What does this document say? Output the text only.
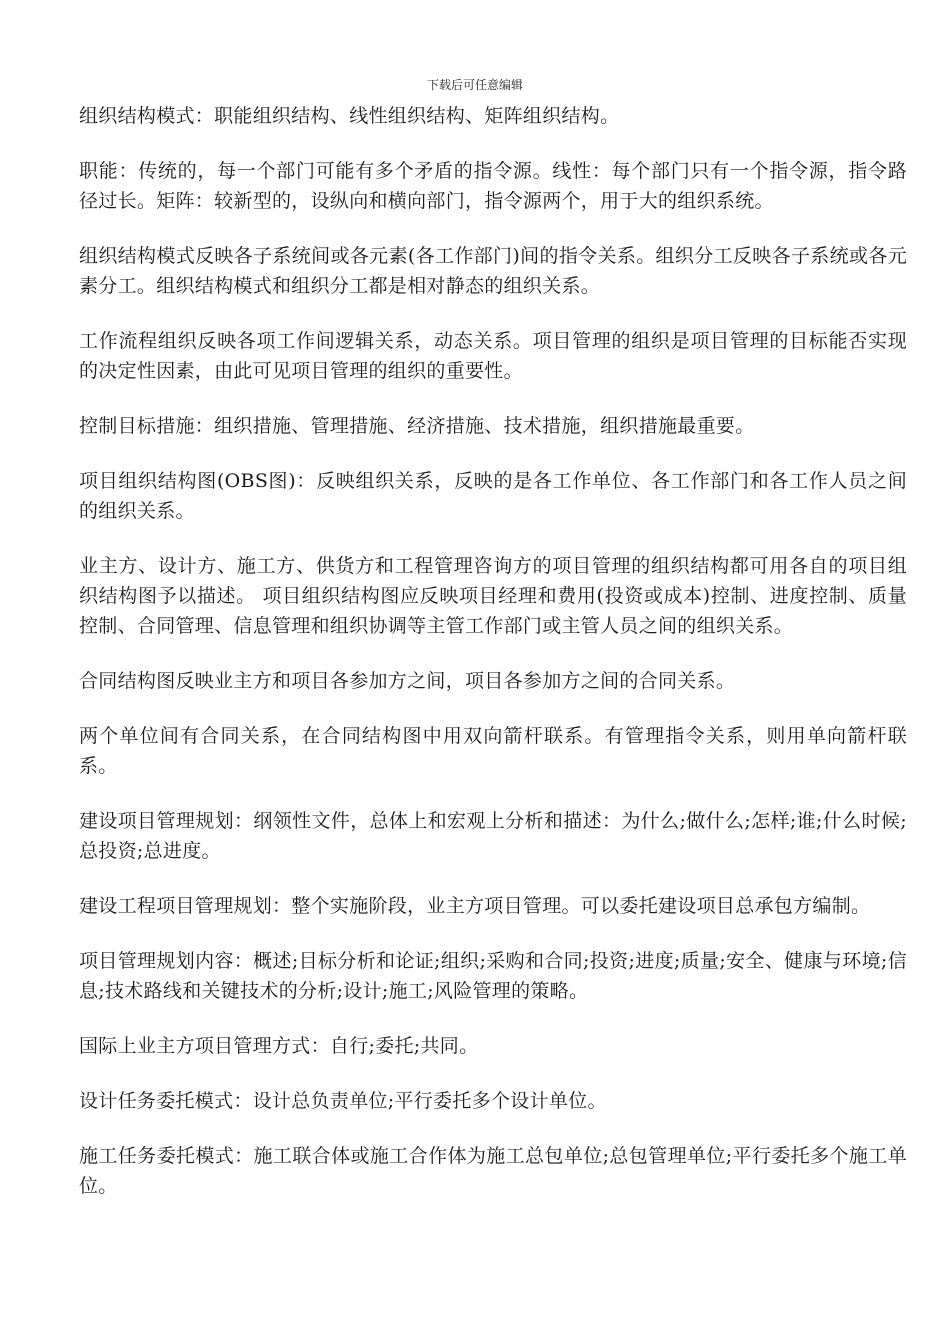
下载后可任意编辑

组织结构模式：职能组织结构、线性组织结构、矩阵组织结构。

职能：传统的，每一个部门可能有多个矛盾的指令源。线性：每个部门只有一个指令源，指令路径过长。矩阵：较新型的，设纵向和横向部门，指令源两个，用于大的组织系统。

组织结构模式反映各子系统间或各元素(各工作部门)间的指令关系。组织分工反映各子系统或各元素分工。组织结构模式和组织分工都是相对静态的组织关系。

工作流程组织反映各项工作间逻辑关系，动态关系。项目管理的组织是项目管理的目标能否实现的决定性因素，由此可见项目管理的组织的重要性。

控制目标措施：组织措施、管理措施、经济措施、技术措施，组织措施最重要。

项目组织结构图(OBS图)：反映组织关系，反映的是各工作单位、各工作部门和各工作人员之间的组织关系。

业主方、设计方、施工方、供货方和工程管理咨询方的项目管理的组织结构都可用各自的项目组织结构图予以描述。 项目组织结构图应反映项目经理和费用(投资或成本)控制、进度控制、质量控制、合同管理、信息管理和组织协调等主管工作部门或主管人员之间的组织关系。

合同结构图反映业主方和项目各参加方之间，项目各参加方之间的合同关系。

两个单位间有合同关系，在合同结构图中用双向箭杆联系。有管理指令关系，则用单向箭杆联系。

建设项目管理规划：纲领性文件，总体上和宏观上分析和描述：为什么;做什么;怎样;谁;什么时候;总投资;总进度。

建设工程项目管理规划：整个实施阶段，业主方项目管理。可以委托建设项目总承包方编制。

项目管理规划内容：概述;目标分析和论证;组织;采购和合同;投资;进度;质量;安全、健康与环境;信息;技术路线和关键技术的分析;设计;施工;风险管理的策略。

国际上业主方项目管理方式：自行;委托;共同。

设计任务委托模式：设计总负责单位;平行委托多个设计单位。

施工任务委托模式：施工联合体或施工合作体为施工总包单位;总包管理单位;平行委托多个施工单位。
